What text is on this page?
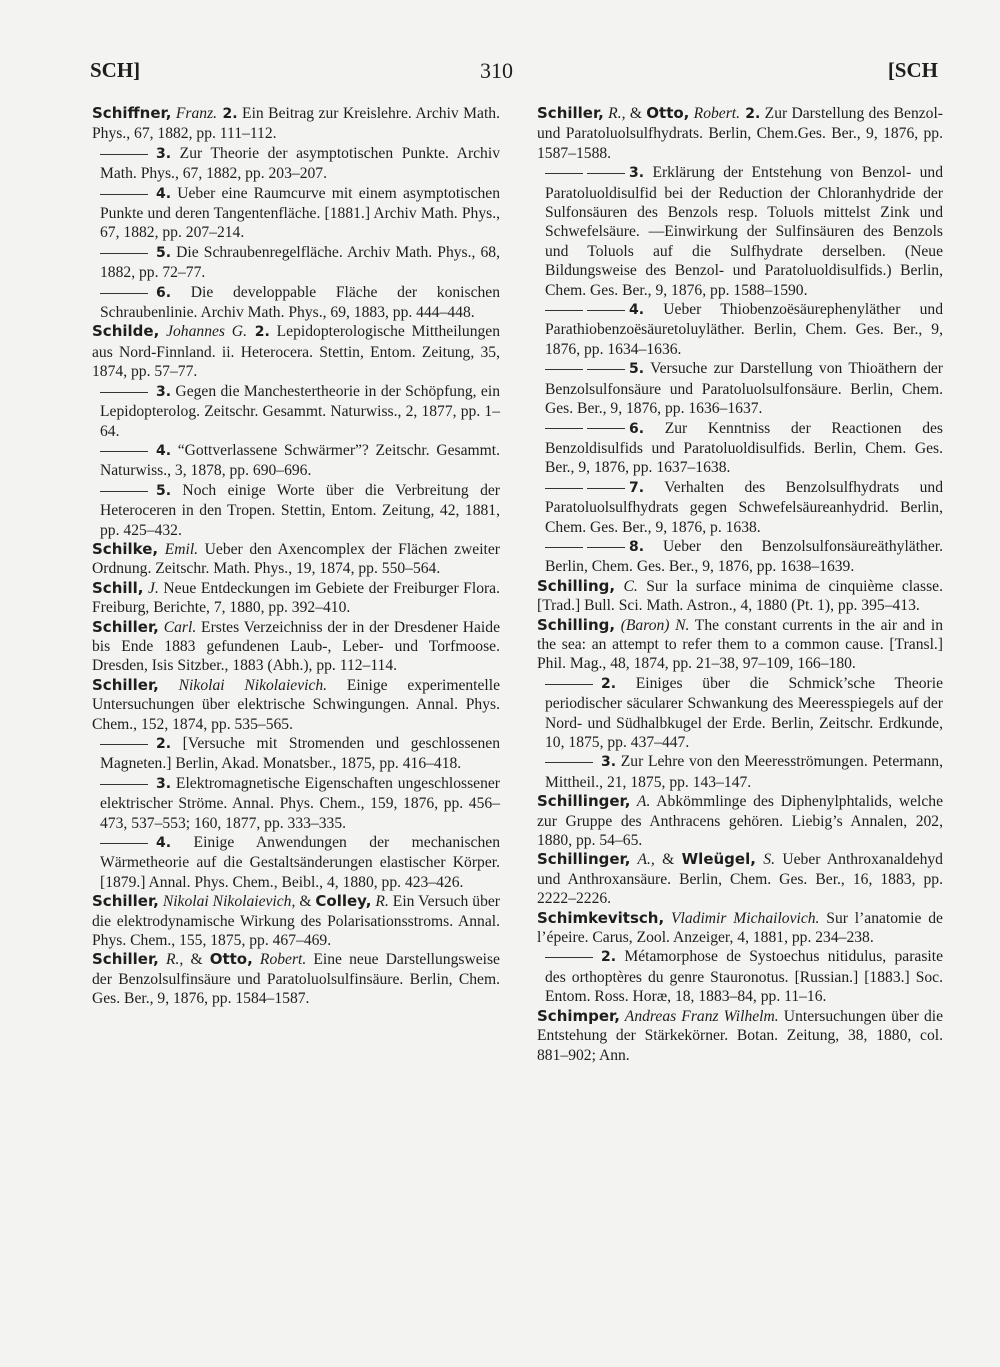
SCH]	310	[SCH

Schiffner, Franz. 2. Ein Beitrag zur Kreislehre. Archiv Math. Phys., 67, 1882, pp. 111–112.

3. Zur Theorie der asymptotischen Punkte. Archiv Math. Phys., 67, 1882, pp. 203–207.

4. Ueber eine Raumcurve mit einem asymptotischen Punkte und deren Tangentenfläche. [1881.] Archiv Math. Phys., 67, 1882, pp. 207–214.

5. Die Schraubenregelfläche. Archiv Math. Phys., 68, 1882, pp. 72–77.

6. Die developpable Fläche der konischen Schraubenlinie. Archiv Math. Phys., 69, 1883, pp. 444–448.

Schilde, Johannes G. 2. Lepidopterologische Mittheilungen aus Nord-Finnland. ii. Heterocera. Stettin, Entom. Zeitung, 35, 1874, pp. 57–77.

3. Gegen die Manchestertheorie in der Schöpfung, ein Lepidopterolog. Zeitschr. Gesammt. Naturwiss., 2, 1877, pp. 1–64.

4. “Gottverlassene Schwärmer”? Zeitschr. Gesammt. Naturwiss., 3, 1878, pp. 690–696.

5. Noch einige Worte über die Verbreitung der Heteroceren in den Tropen. Stettin, Entom. Zeitung, 42, 1881, pp. 425–432.

Schilke, Emil. Ueber den Axencomplex der Flächen zweiter Ordnung. Zeitschr. Math. Phys., 19, 1874, pp. 550–564.

Schill, J. Neue Entdeckungen im Gebiete der Freiburger Flora. Freiburg, Berichte, 7, 1880, pp. 392–410.

Schiller, Carl. Erstes Verzeichniss der in der Dresdener Haide bis Ende 1883 gefundenen Laub-, Leber- und Torfmoose. Dresden, Isis Sitzber., 1883 (Abh.), pp. 112–114.

Schiller, Nikolai Nikolaievich. Einige experimentelle Untersuchungen über elektrische Schwingungen. Annal. Phys. Chem., 152, 1874, pp. 535–565.

2. [Versuche mit Stromenden und geschlossenen Magneten.] Berlin, Akad. Monatsber., 1875, pp. 416–418.

3. Elektromagnetische Eigenschaften ungeschlossener elektrischer Ströme. Annal. Phys. Chem., 159, 1876, pp. 456–473, 537–553; 160, 1877, pp. 333–335.

4. Einige Anwendungen der mechanischen Wärmetheorie auf die Gestaltsänderungen elastischer Körper. [1879.] Annal. Phys. Chem., Beibl., 4, 1880, pp. 423–426.

Schiller, Nikolai Nikolaievich, & Colley, R. Ein Versuch über die elektrodynamische Wirkung des Polarisationsstroms. Annal. Phys. Chem., 155, 1875, pp. 467–469.

Schiller, R., & Otto, Robert. Eine neue Darstellungsweise der Benzolsulfinsäure und Paratoluolsulfinsäure. Berlin, Chem. Ges. Ber., 9, 1876, pp. 1584–1587.

Schiller, R., & Otto, Robert. 2. Zur Darstellung des Benzol- und Paratoluolsulfhydrats. Berlin, Chem.Ges. Ber., 9, 1876, pp. 1587–1588.

3. Erklärung der Entstehung von Benzol- und Paratoluoldisulfid bei der Reduction der Chloranhydride der Sulfonsäuren des Benzols resp. Toluols mittelst Zink und Schwefelsäure. —Einwirkung der Sulfinsäuren des Benzols und Toluols auf die Sulfhydrate derselben. (Neue Bildungsweise des Benzol- und Paratoluoldisulfids.) Berlin, Chem. Ges. Ber., 9, 1876, pp. 1588–1590.

4. Ueber Thiobenzoësäurephenyläther und Parathiobenzoësäuretoluyläther. Berlin, Chem. Ges. Ber., 9, 1876, pp. 1634–1636.

5. Versuche zur Darstellung von Thioäthern der Benzolsulfonsäure und Paratoluolsulfonsäure. Berlin, Chem. Ges. Ber., 9, 1876, pp. 1636–1637.

6. Zur Kenntniss der Reactionen des Benzoldisulfids und Paratoluoldisulfids. Berlin, Chem. Ges. Ber., 9, 1876, pp. 1637–1638.

7. Verhalten des Benzolsulfhydrats und Paratoluolsulfhydrats gegen Schwefelsäureanhydrid. Berlin, Chem. Ges. Ber., 9, 1876, p. 1638.

8. Ueber den Benzolsulfonsäureäthyläther. Berlin, Chem. Ges. Ber., 9, 1876, pp. 1638–1639.

Schilling, C. Sur la surface minima de cinquième classe. [Trad.] Bull. Sci. Math. Astron., 4, 1880 (Pt. 1), pp. 395–413.

Schilling, (Baron) N. The constant currents in the air and in the sea: an attempt to refer them to a common cause. [Transl.] Phil. Mag., 48, 1874, pp. 21–38, 97–109, 166–180.

2. Einiges über die Schmick’sche Theorie periodischer säcularer Schwankung des Meeresspiegels auf der Nord- und Südhalbkugel der Erde. Berlin, Zeitschr. Erdkunde, 10, 1875, pp. 437–447.

3. Zur Lehre von den Meeresströmungen. Petermann, Mittheil., 21, 1875, pp. 143–147.

Schillinger, A. Abkömmlinge des Diphenylphtalids, welche zur Gruppe des Anthracens gehören. Liebig’s Annalen, 202, 1880, pp. 54–65.

Schillinger, A., & Wleügel, S. Ueber Anthroxanaldehyd und Anthroxansäure. Berlin, Chem. Ges. Ber., 16, 1883, pp. 2222–2226.

Schimkevitsch, Vladimir Michailovich. Sur l’anatomie de l’épeire. Carus, Zool. Anzeiger, 4, 1881, pp. 234–238.

2. Métamorphose de Systoechus nitidulus, parasite des orthoptères du genre Stauronotus. [Russian.] [1883.] Soc. Entom. Ross. Horæ, 18, 1883–84, pp. 11–16.

Schimper, Andreas Franz Wilhelm. Untersuchungen über die Entstehung der Stärkekörner. Botan. Zeitung, 38, 1880, col. 881–902; Ann.
